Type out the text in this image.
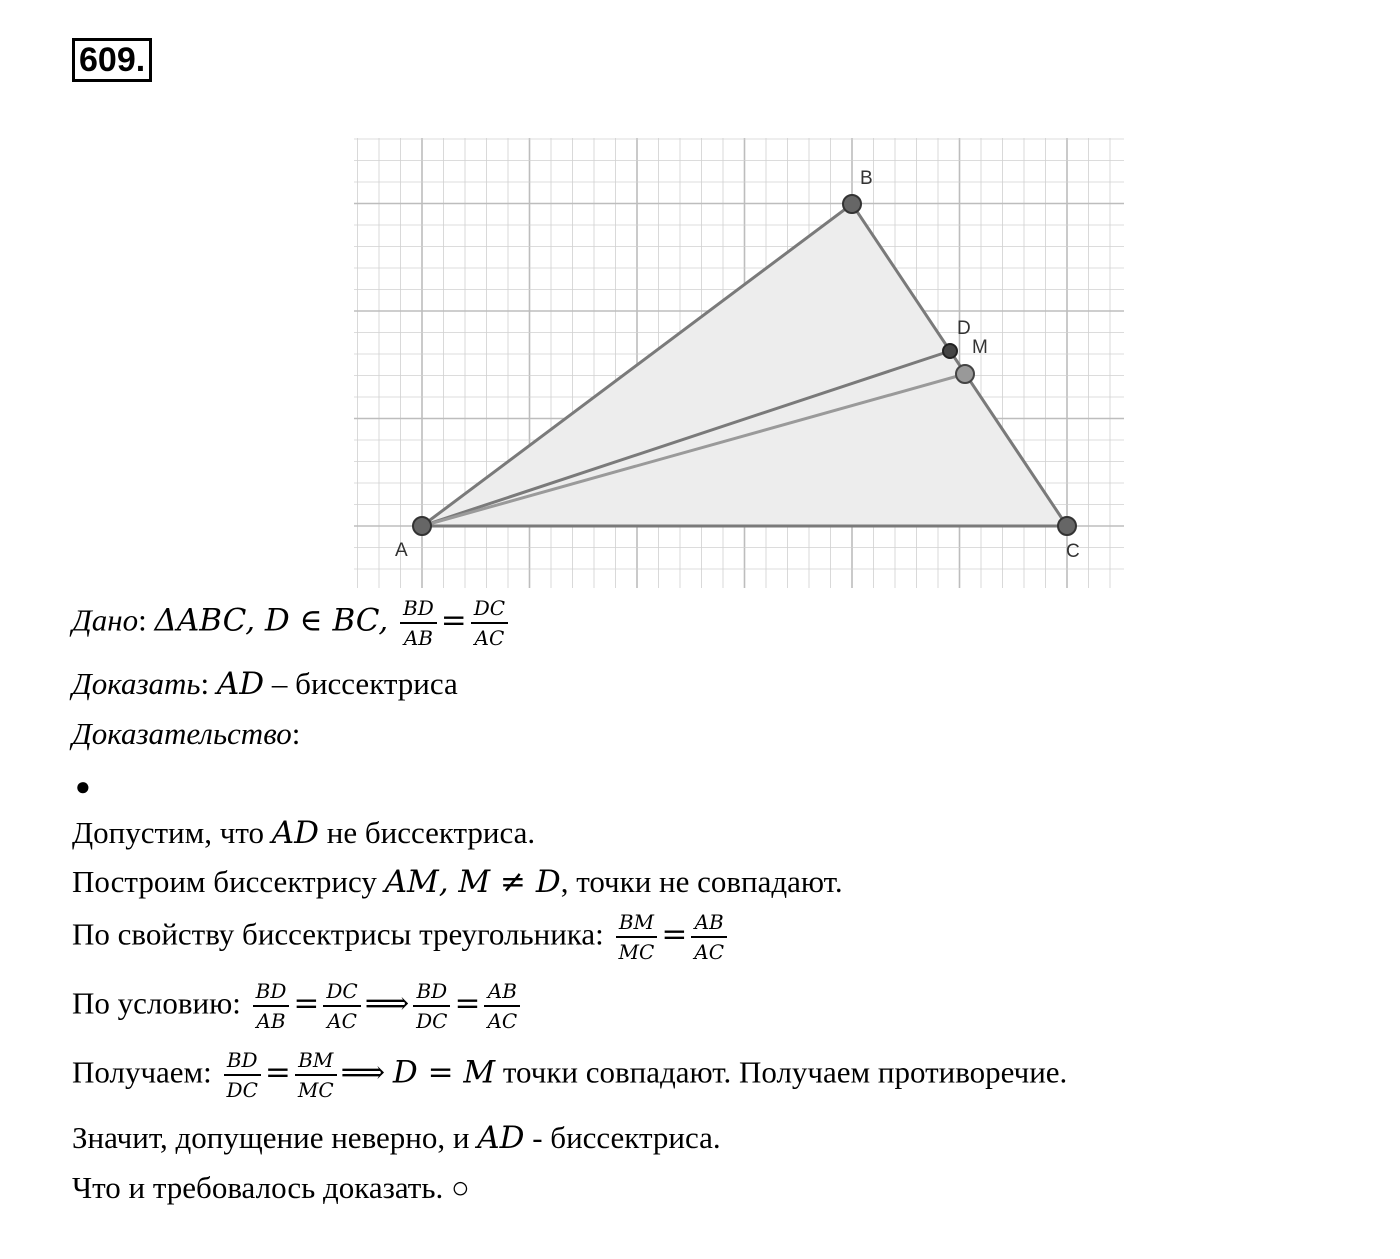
609.
A
B
C
D
M
Дано: ΔABC, D ∈ BC, $\frac{BD}{AB} = \frac{DC}{AC}$
Доказать: AD – биссектриса
Доказательство:
●
Допустим, что AD не биссектриса.
Построим биссектрису AM, M ≠ D, точки не совпадают.
По свойству биссектрисы треугольника: $\frac{BM}{MC} = \frac{AB}{AC}$
По условию: $\frac{BD}{AB} = \frac{DC}{AC}$ ⟹ $\frac{BD}{DC} = \frac{AB}{AC}$
Получаем: $\frac{BD}{DC} = \frac{BM}{MC}$ ⟹ D = M точки совпадают. Получаем противоречие.
Значит, допущение неверно, и AD - биссектриса.
Что и требовалось доказать. ○
